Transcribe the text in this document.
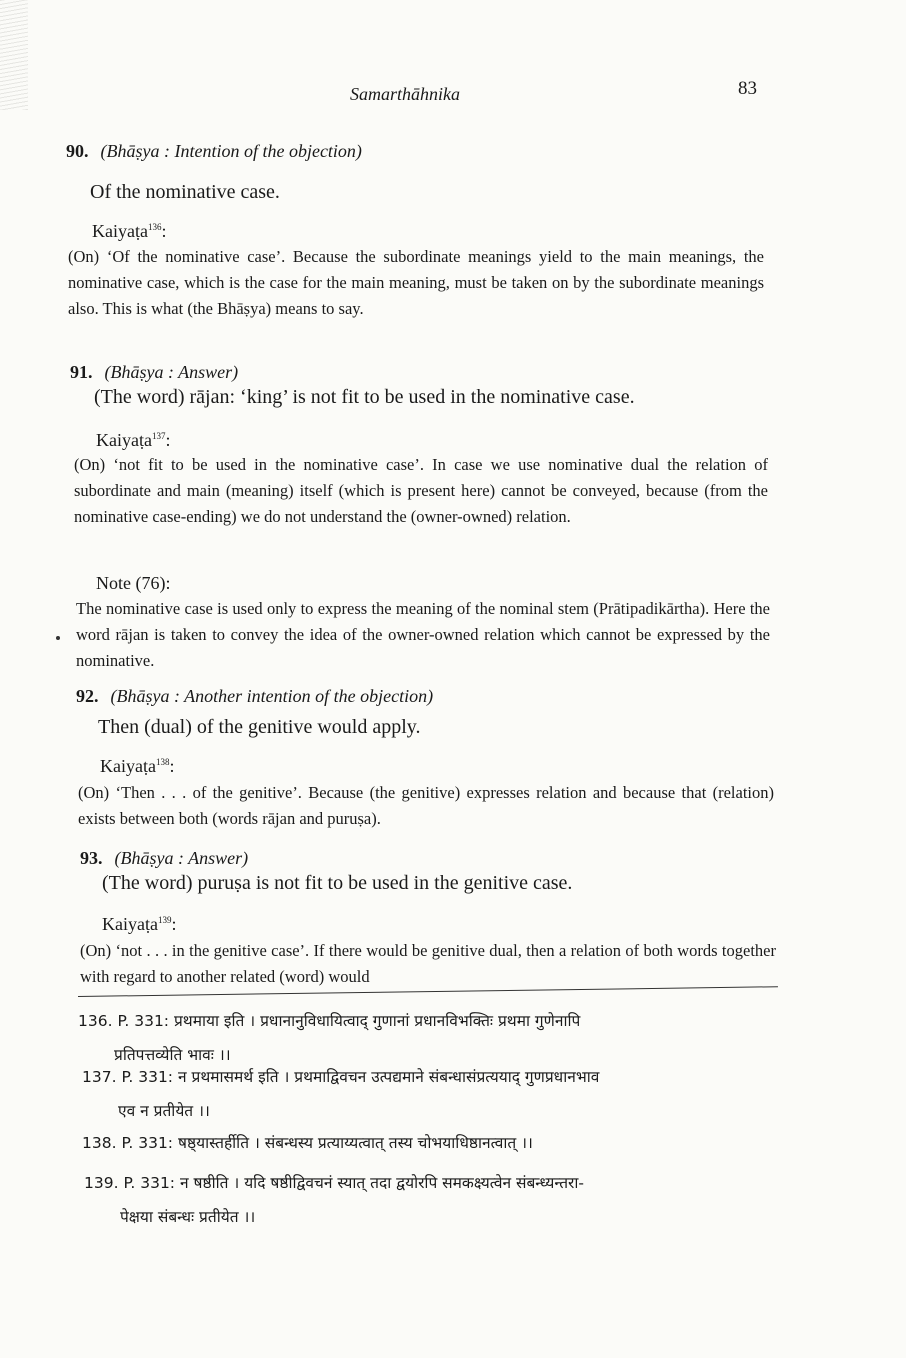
Samarthāhnika	83
90. (Bhāṣya : Intention of the objection)
Of the nominative case.
Kaiyaṭa$^{136}$:

(On) ‘Of the nominative case’. Because the subordinate meanings yield to the main meanings, the nominative case, which is the case for the main meaning, must be taken on by the subordinate meanings also. This is what (the Bhāṣya) means to say.

91. (Bhāṣya : Answer)
(The word) rājan: ‘king’ is not fit to be used in the nominative case.
Kaiyaṭa$^{137}$:

(On) ‘not fit to be used in the nominative case’. In case we use nominative dual the relation of subordinate and main (meaning) itself (which is present here) cannot be conveyed, because (from the nominative case-ending) we do not understand the (owner-owned) relation.

Note (76):

The nominative case is used only to express the meaning of the nominal stem (Prātipadikārtha). Here the word rājan is taken to convey the idea of the owner-owned relation which cannot be expressed by the nominative.

92. (Bhāṣya : Another intention of the objection)
Then (dual) of the genitive would apply.
Kaiyaṭa$^{138}$:

(On) ‘Then . . . of the genitive’. Because (the genitive) expresses relation and because that (relation) exists between both (words rājan and puruṣa).

93. (Bhāṣya : Answer)
(The word) puruṣa is not fit to be used in the genitive case.
Kaiyaṭa$^{139}$:

(On) ‘not . . . in the genitive case’. If there would be genitive dual, then a relation of both words together with regard to another related (word) would

136. P. 331: प्रथमाया इति । प्रधानानुविधायित्वाद् गुणानां प्रधानविभक्तिः प्रथमा गुणेनापि
प्रतिपत्तव्येति भावः ।।
137. P. 331: न प्रथमासमर्थ इति । प्रथमाद्विवचन उत्पद्यमाने संबन्धासंप्रत्ययाद् गुणप्रधानभाव
एव न प्रतीयेत ।।
138. P. 331: षष्ठ्यास्तर्हीति । संबन्धस्य प्रत्याय्यत्वात् तस्य चोभयाधिष्ठानत्वात् ।।
139. P. 331: न षष्ठीति । यदि षष्ठीद्विवचनं स्यात् तदा द्वयोरपि समकक्ष्यत्वेन संबन्ध्यन्तरा-
पेक्षया संबन्धः प्रतीयेत ।।
